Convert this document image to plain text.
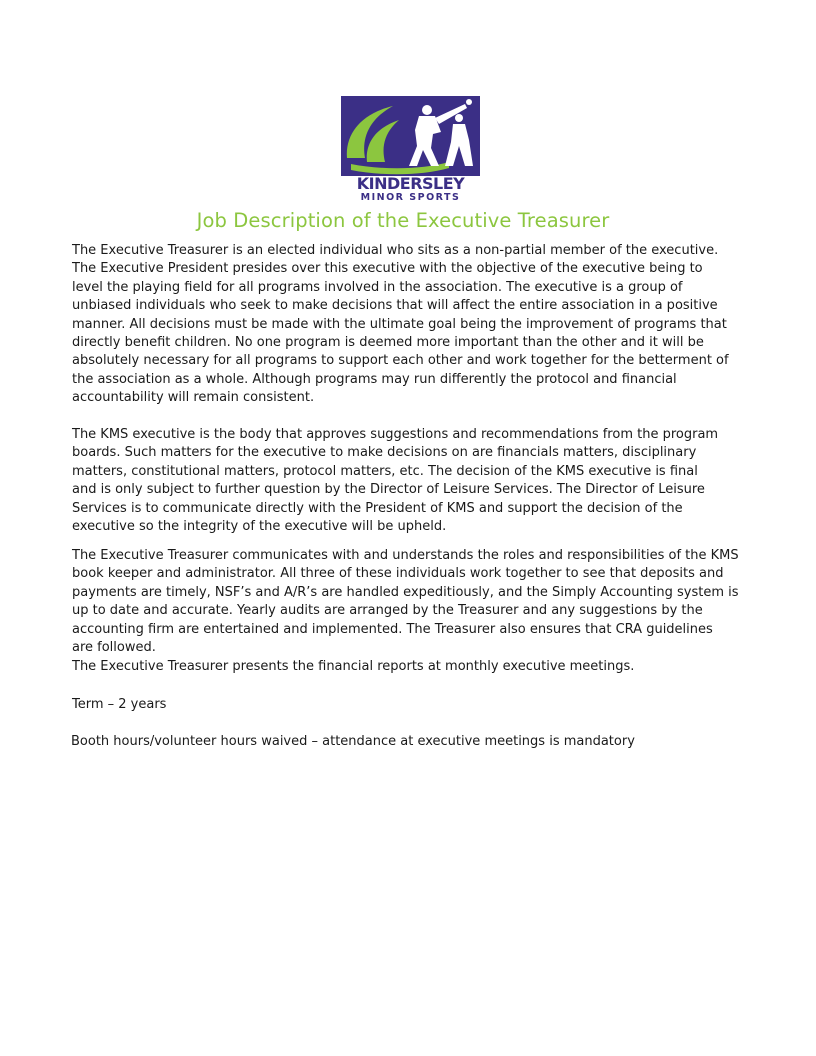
KINDERSLEY
MINOR SPORTS
Job Description of the Executive Treasurer

The Executive Treasurer is an elected individual who sits as a non-partial member of the executive.
The Executive President presides over this executive with the objective of the executive being to
level the playing field for all programs involved in the association. The executive is a group of
unbiased individuals who seek to make decisions that will affect the entire association in a positive
manner. All decisions must be made with the ultimate goal being the improvement of programs that
directly benefit children. No one program is deemed more important than the other and it will be
absolutely necessary for all programs to support each other and work together for the betterment of
the association as a whole. Although programs may run differently the protocol and financial
accountability will remain consistent.

The KMS executive is the body that approves suggestions and recommendations from the program
boards. Such matters for the executive to make decisions on are financials matters, disciplinary
matters, constitutional matters, protocol matters, etc. The decision of the KMS executive is final
and is only subject to further question by the Director of Leisure Services. The Director of Leisure
Services is to communicate directly with the President of KMS and support the decision of the
executive so the integrity of the executive will be upheld.

The Executive Treasurer communicates with and understands the roles and responsibilities of the KMS
book keeper and administrator. All three of these individuals work together to see that deposits and
payments are timely, NSF’s and A/R’s are handled expeditiously, and the Simply Accounting system is
up to date and accurate. Yearly audits are arranged by the Treasurer and any suggestions by the
accounting firm are entertained and implemented. The Treasurer also ensures that CRA guidelines
are followed.

The Executive Treasurer presents the financial reports at monthly executive meetings.

Term – 2 years

Booth hours/volunteer hours waived – attendance at executive meetings is mandatory
